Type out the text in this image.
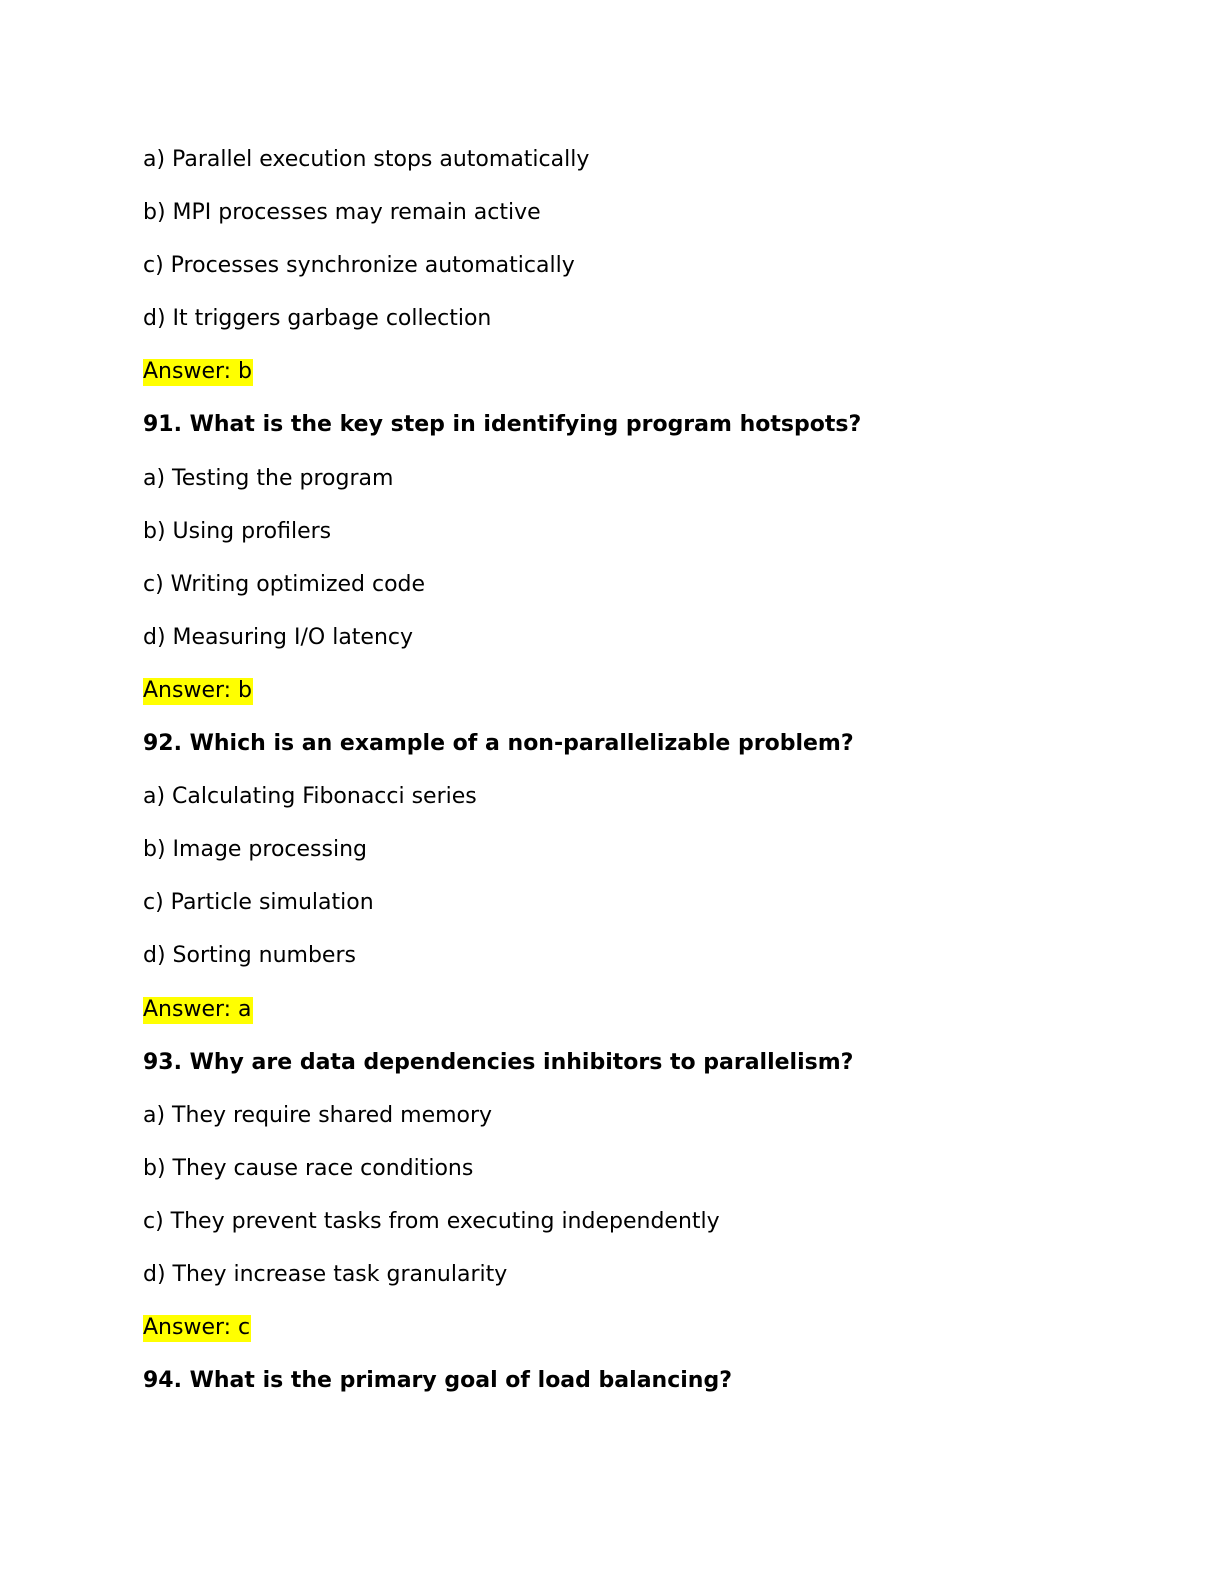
a) Parallel execution stops automatically
b) MPI processes may remain active
c) Processes synchronize automatically
d) It triggers garbage collection
Answer: b
91. What is the key step in identifying program hotspots?
a) Testing the program
b) Using profilers
c) Writing optimized code
d) Measuring I/O latency
Answer: b
92. Which is an example of a non-parallelizable problem?
a) Calculating Fibonacci series
b) Image processing
c) Particle simulation
d) Sorting numbers
Answer: a
93. Why are data dependencies inhibitors to parallelism?
a) They require shared memory
b) They cause race conditions
c) They prevent tasks from executing independently
d) They increase task granularity
Answer: c
94. What is the primary goal of load balancing?
